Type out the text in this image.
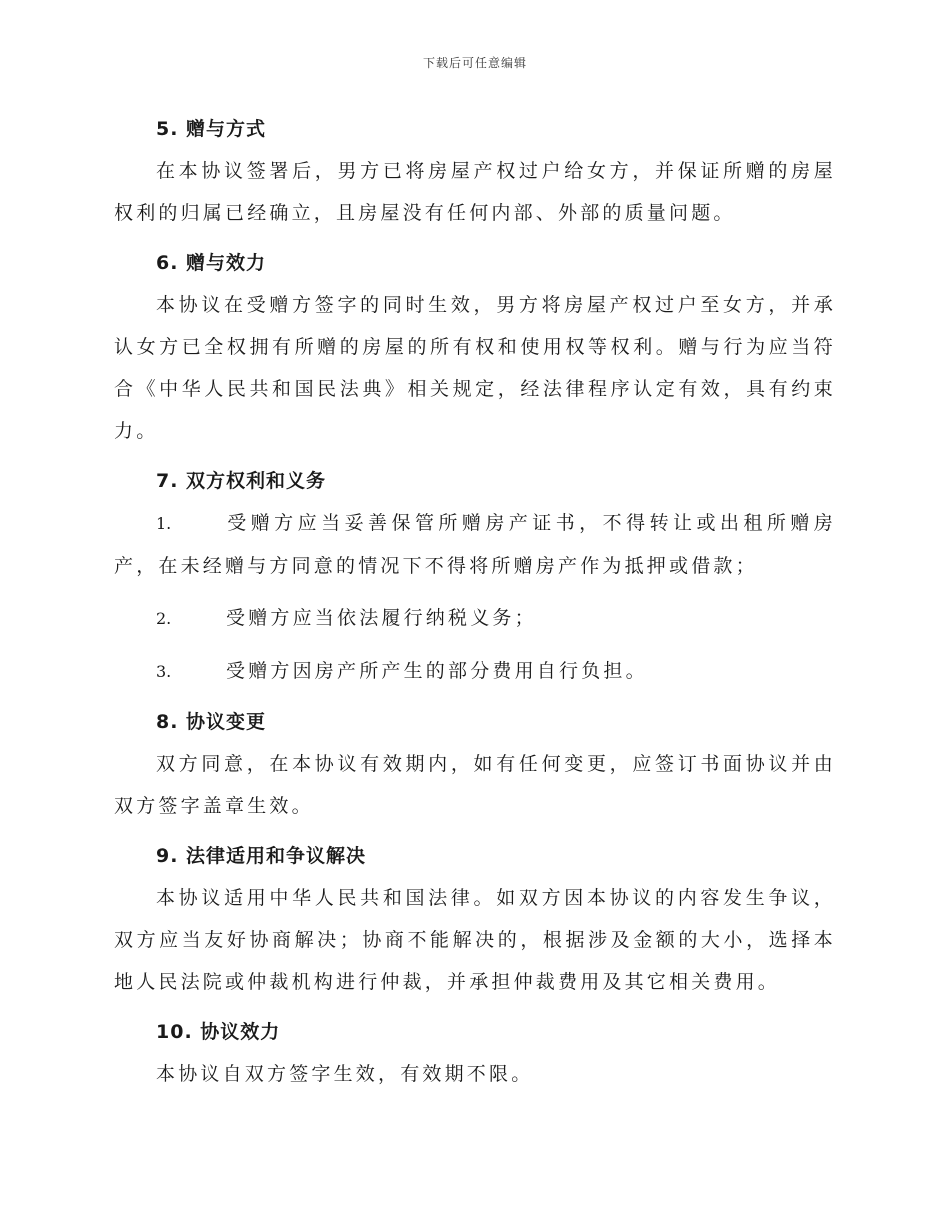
下载后可任意编辑
5. 赠与方式

在本协议签署后，男方已将房屋产权过户给女方，并保证所赠的房屋权利的归属已经确立，且房屋没有任何内部、外部的质量问题。

6. 赠与效力

本协议在受赠方签字的同时生效，男方将房屋产权过户至女方，并承认女方已全权拥有所赠的房屋的所有权和使用权等权利。赠与行为应当符合《中华人民共和国民法典》相关规定，经法律程序认定有效，具有约束力。

7. 双方权利和义务

1.	受赠方应当妥善保管所赠房产证书，不得转让或出租所赠房产，在未经赠与方同意的情况下不得将所赠房产作为抵押或借款；

2.	受赠方应当依法履行纳税义务；

3.	受赠方因房产所产生的部分费用自行负担。

8. 协议变更

双方同意，在本协议有效期内，如有任何变更，应签订书面协议并由双方签字盖章生效。

9. 法律适用和争议解决

本协议适用中华人民共和国法律。如双方因本协议的内容发生争议，双方应当友好协商解决；协商不能解决的，根据涉及金额的大小，选择本地人民法院或仲裁机构进行仲裁，并承担仲裁费用及其它相关费用。

10. 协议效力

本协议自双方签字生效，有效期不限。
